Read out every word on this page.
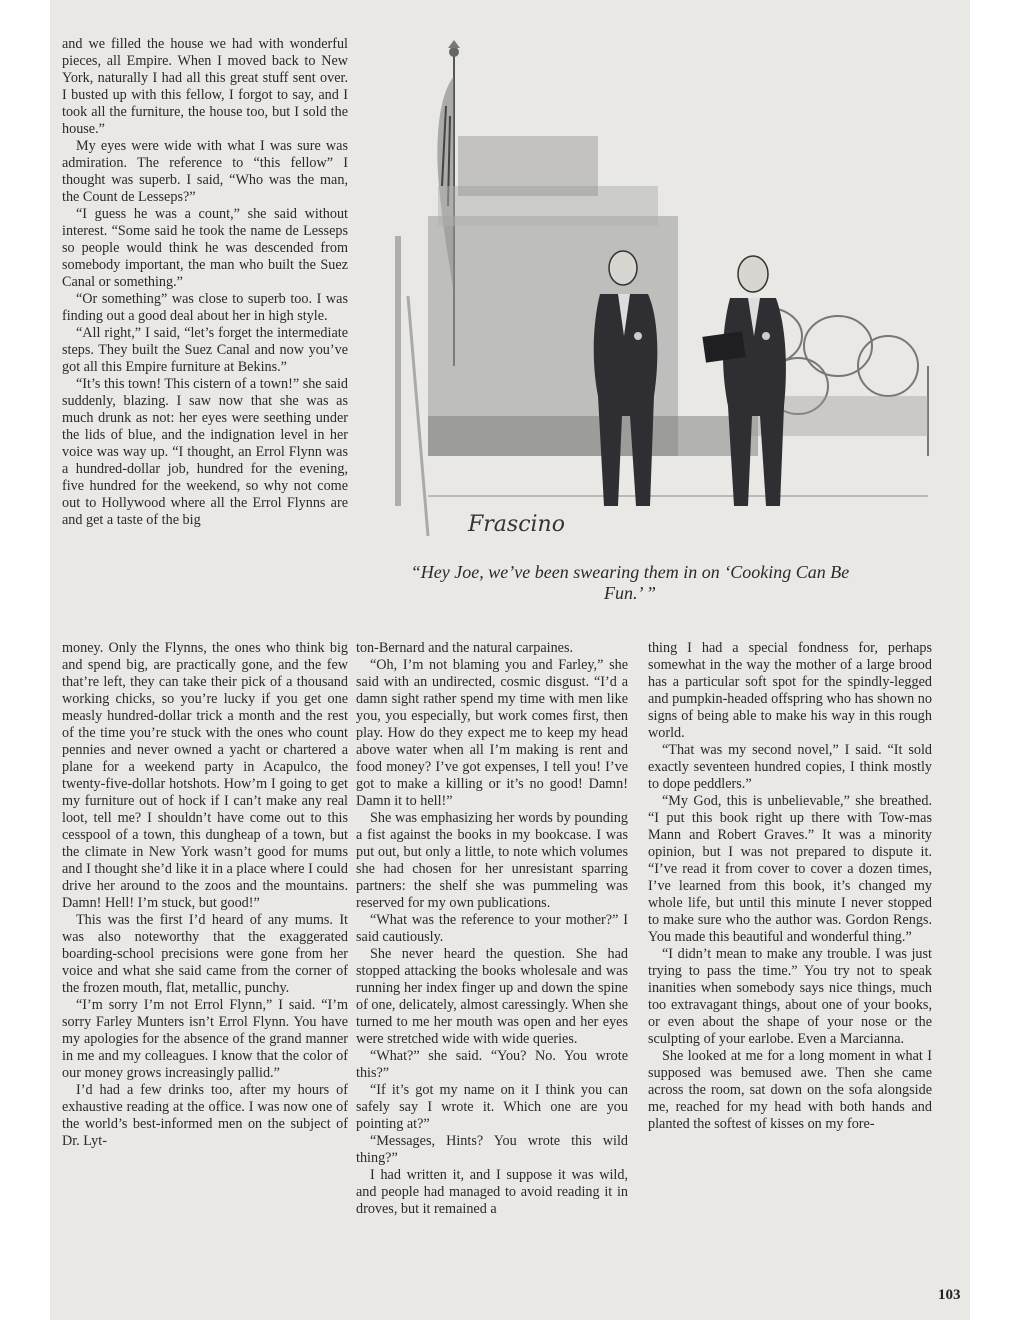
and we filled the house we had with wonderful pieces, all Empire. When I moved back to New York, naturally I had all this great stuff sent over. I busted up with this fellow, I forgot to say, and I took all the furniture, the house too, but I sold the house.”

My eyes were wide with what I was sure was admiration. The reference to “this fellow” I thought was superb. I said, “Who was the man, the Count de Lesseps?”

“I guess he was a count,” she said without interest. “Some said he took the name de Lesseps so people would think he was descended from somebody important, the man who built the Suez Canal or something.”

“Or something” was close to superb too. I was finding out a good deal about her in high style.

“All right,” I said, “let’s forget the intermediate steps. They built the Suez Canal and now you’ve got all this Empire furniture at Bekins.”

“It’s this town! This cistern of a town!” she said suddenly, blazing. I saw now that she was as much drunk as not: her eyes were seething under the lids of blue, and the indignation level in her voice was way up. “I thought, an Errol Flynn was a hundred-dollar job, hundred for the evening, five hundred for the weekend, so why not come out to Hollywood where all the Errol Flynns are and get a taste of the big	Frascino
“Hey Joe, we’ve been swearing them in on ‘Cooking Can Be Fun.’ ”

money. Only the Flynns, the ones who think big and spend big, are practically gone, and the few that’re left, they can take their pick of a thousand working chicks, so you’re lucky if you get one measly hundred-dollar trick a month and the rest of the time you’re stuck with the ones who count pennies and never owned a yacht or chartered a plane for a weekend party in Acapulco, the twenty-five-dollar hotshots. How’m I going to get my furniture out of hock if I can’t make any real loot, tell me? I shouldn’t have come out to this cesspool of a town, this dungheap of a town, but the climate in New York wasn’t good for mums and I thought she’d like it in a place where I could drive her around to the zoos and the mountains. Damn! Hell! I’m stuck, but good!”

This was the first I’d heard of any mums. It was also noteworthy that the exaggerated boarding-school precisions were gone from her voice and what she said came from the corner of the frozen mouth, flat, metallic, punchy.

“I’m sorry I’m not Errol Flynn,” I said. “I’m sorry Farley Munters isn’t Errol Flynn. You have my apologies for the absence of the grand manner in me and my colleagues. I know that the color of our money grows increasingly pallid.”

I’d had a few drinks too, after my hours of exhaustive reading at the office. I was now one of the world’s best-informed men on the subject of Dr. Lyt-

ton-Bernard and the natural carpaines.

“Oh, I’m not blaming you and Farley,” she said with an undirected, cosmic disgust. “I’d a damn sight rather spend my time with men like you, you especially, but work comes first, then play. How do they expect me to keep my head above water when all I’m making is rent and food money? I’ve got expenses, I tell you! I’ve got to make a killing or it’s no good! Damn! Damn it to hell!”

She was emphasizing her words by pounding a fist against the books in my bookcase. I was put out, but only a little, to note which volumes she had chosen for her unresistant sparring partners: the shelf she was pummeling was reserved for my own publications.

“What was the reference to your mother?” I said cautiously.

She never heard the question. She had stopped attacking the books wholesale and was running her index finger up and down the spine of one, delicately, almost caressingly. When she turned to me her mouth was open and her eyes were stretched wide with wide queries.

“What?” she said. “You? No. You wrote this?”

“If it’s got my name on it I think you can safely say I wrote it. Which one are you pointing at?”

“Messages, Hints? You wrote this wild thing?”

I had written it, and I suppose it was wild, and people had managed to avoid reading it in droves, but it remained a

thing I had a special fondness for, perhaps somewhat in the way the mother of a large brood has a particular soft spot for the spindly-legged and pumpkin-headed offspring who has shown no signs of being able to make his way in this rough world.

“That was my second novel,” I said. “It sold exactly seventeen hundred copies, I think mostly to dope peddlers.”

“My God, this is unbelievable,” she breathed. “I put this book right up there with Tow-mas Mann and Robert Graves.” It was a minority opinion, but I was not prepared to dispute it. “I’ve read it from cover to cover a dozen times, I’ve learned from this book, it’s changed my whole life, but until this minute I never stopped to make sure who the author was. Gordon Rengs. You made this beautiful and wonderful thing.”

“I didn’t mean to make any trouble. I was just trying to pass the time.” You try not to speak inanities when somebody says nice things, much too extravagant things, about one of your books, or even about the shape of your nose or the sculpting of your earlobe. Even a Marcianna.

She looked at me for a long moment in what I supposed was bemused awe. Then she came across the room, sat down on the sofa alongside me, reached for my head with both hands and planted the softest of kisses on my fore-

103
